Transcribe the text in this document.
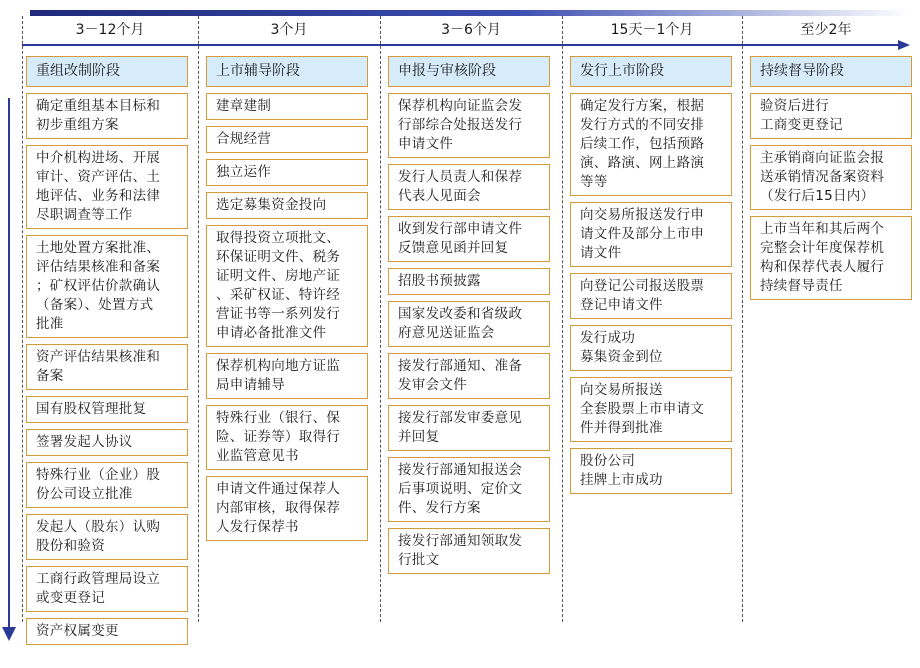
3－12个月	3个月	3－6个月	15天－1个月	至少2年
重组改制阶段
确定重组基本目标和
初步重组方案
中介机构进场、开展
审计、资产评估、土
地评估、业务和法律
尽职调查等工作
土地处置方案批准、
评估结果核准和备案
；矿权评估价款确认
（备案）、处置方式
批准
资产评估结果核准和
备案
国有股权管理批复
签署发起人协议
特殊行业（企业）股
份公司设立批准
发起人（股东）认购
股份和验资
工商行政管理局设立
或变更登记
资产权属变更
上市辅导阶段
建章建制
合规经营
独立运作
选定募集资金投向
取得投资立项批文、
环保证明文件、税务
证明文件、房地产证
、采矿权证、特许经
营证书等一系列发行
申请必备批准文件
保荐机构向地方证监
局申请辅导
特殊行业（银行、保
险、证券等）取得行
业监管意见书
申请文件通过保荐人
内部审核，取得保荐
人发行保荐书
申报与审核阶段
保荐机构向证监会发
行部综合处报送发行
申请文件
发行人员责人和保荐
代表人见面会
收到发行部申请文件
反馈意见函并回复
招股书预披露
国家发改委和省级政
府意见送证监会
接发行部通知、准备
发审会文件
接发行部发审委意见
并回复
接发行部通知报送会
后事项说明、定价文
件、发行方案
接发行部通知领取发
行批文
发行上市阶段
确定发行方案，根据
发行方式的不同安排
后续工作，包括预路
演、路演、网上路演
等等
向交易所报送发行申
请文件及部分上市申
请文件
向登记公司报送股票
登记申请文件
发行成功
募集资金到位
向交易所报送
全套股票上市申请文
件并得到批准
股份公司
挂牌上市成功
持续督导阶段
验资后进行
工商变更登记
主承销商向证监会报
送承销情况备案资料
（发行后15日内）
上市当年和其后两个
完整会计年度保荐机
构和保荐代表人履行
持续督导责任
